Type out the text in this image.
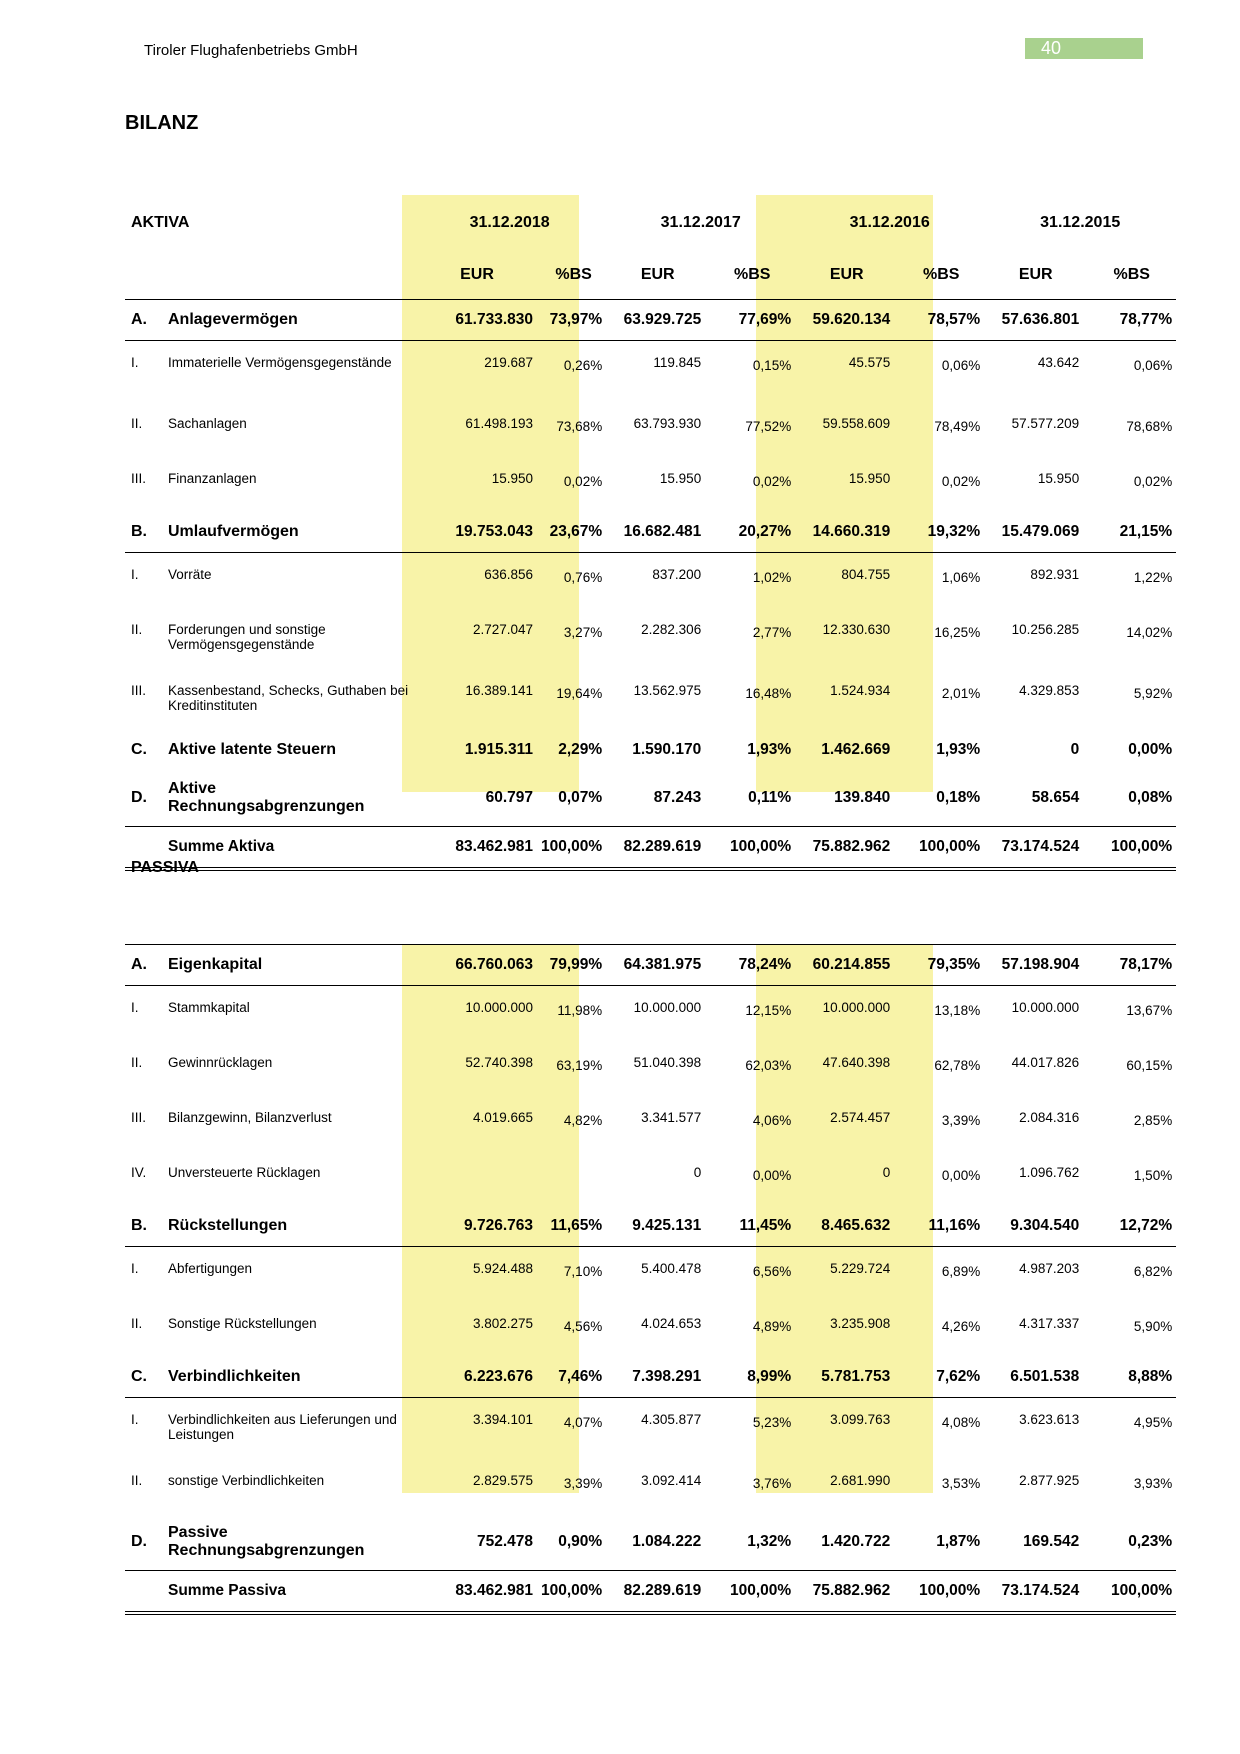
Tiroler Flughafenbetriebs GmbH	40
BILANZ
AKTIVA		31.12.2018		31.12.2017		31.12.2016		31.12.2015	
		EUR	%BS	EUR	%BS	EUR	%BS	EUR	%BS
A.	Anlagevermögen	61.733.830	73,97%	63.929.725	77,69%	59.620.134	78,57%	57.636.801	78,77%
I.	Immaterielle Vermögensgegenstände	219.687	0,26%	119.845	0,15%	45.575	0,06%	43.642	0,06%
II.	Sachanlagen	61.498.193	73,68%	63.793.930	77,52%	59.558.609	78,49%	57.577.209	78,68%
III.	Finanzanlagen	15.950	0,02%	15.950	0,02%	15.950	0,02%	15.950	0,02%
B.	Umlaufvermögen	19.753.043	23,67%	16.682.481	20,27%	14.660.319	19,32%	15.479.069	21,15%
I.	Vorräte	636.856	0,76%	837.200	1,02%	804.755	1,06%	892.931	1,22%
II.	Forderungen und sonstige Vermögensgegenstände	2.727.047	3,27%	2.282.306	2,77%	12.330.630	16,25%	10.256.285	14,02%
III.	Kassenbestand, Schecks, Guthaben bei Kreditinstituten	16.389.141	19,64%	13.562.975	16,48%	1.524.934	2,01%	4.329.853	5,92%
C.	Aktive latente Steuern	1.915.311	2,29%	1.590.170	1,93%	1.462.669	1,93%	0	0,00%
D.	Aktive Rechnungsabgrenzungen	60.797	0,07%	87.243	0,11%	139.840	0,18%	58.654	0,08%
	Summe Aktiva	83.462.981	100,00%	82.289.619	100,00%	75.882.962	100,00%	73.174.524	100,00%
PASSIVA

A.	Eigenkapital	66.760.063	79,99%	64.381.975	78,24%	60.214.855	79,35%	57.198.904	78,17%
I.	Stammkapital	10.000.000	11,98%	10.000.000	12,15%	10.000.000	13,18%	10.000.000	13,67%
II.	Gewinnrücklagen	52.740.398	63,19%	51.040.398	62,03%	47.640.398	62,78%	44.017.826	60,15%
III.	Bilanzgewinn, Bilanzverlust	4.019.665	4,82%	3.341.577	4,06%	2.574.457	3,39%	2.084.316	2,85%
IV.	Unversteuerte Rücklagen			0	0,00%	0	0,00%	1.096.762	1,50%
B.	Rückstellungen	9.726.763	11,65%	9.425.131	11,45%	8.465.632	11,16%	9.304.540	12,72%
I.	Abfertigungen	5.924.488	7,10%	5.400.478	6,56%	5.229.724	6,89%	4.987.203	6,82%
II.	Sonstige Rückstellungen	3.802.275	4,56%	4.024.653	4,89%	3.235.908	4,26%	4.317.337	5,90%
C.	Verbindlichkeiten	6.223.676	7,46%	7.398.291	8,99%	5.781.753	7,62%	6.501.538	8,88%
I.	Verbindlichkeiten aus Lieferungen und Leistungen	3.394.101	4,07%	4.305.877	5,23%	3.099.763	4,08%	3.623.613	4,95%
II.	sonstige Verbindlichkeiten	2.829.575	3,39%	3.092.414	3,76%	2.681.990	3,53%	2.877.925	3,93%
D.	Passive Rechnungsabgrenzungen	752.478	0,90%	1.084.222	1,32%	1.420.722	1,87%	169.542	0,23%
	Summe Passiva	83.462.981	100,00%	82.289.619	100,00%	75.882.962	100,00%	73.174.524	100,00%
